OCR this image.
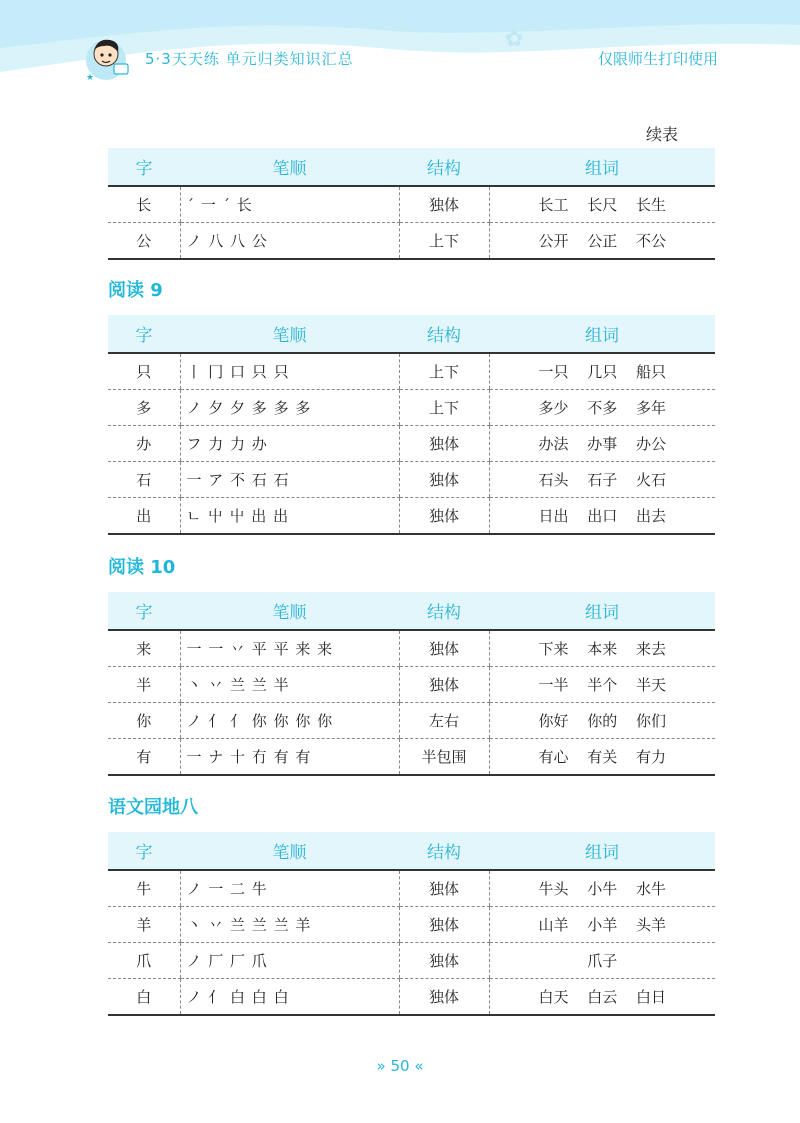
✿
★
5·3天天练 单元归类知识汇总	仅限师生打印使用
续表
字	笔顺	结构	组词
长	ˊ 一 ˊ 长	独体	长工 长尺 长生
公	ノ 八 八 公	上下	公开 公正 不公
阅读 9
字	笔顺	结构	组词
只	丨 冂 口 只 只	上下	一只 几只 船只
多	ノ 夕 夕 多 多 多	上下	多少 不多 多年
办	フ 力 力 办	独体	办法 办事 办公
石	一 ア 不 石 石	独体	石头 石子 火石
出	ㄴ 屮 屮 出 出	独体	日出 出口 出去
阅读 10
字	笔顺	结构	组词
来	一 一 丷 平 平 来 来	独体	下来 本来 来去
半	丶 丷 兰 兰 半	独体	一半 半个 半天
你	ノ 亻 亻 你 你 你 你	左右	你好 你的 你们
有	一 ナ 十 冇 有 有	半包围	有心 有关 有力
语文园地八
字	笔顺	结构	组词
牛	ノ 一 二 牛	独体	牛头 小牛 水牛
羊	丶 丷 兰 兰 兰 羊	独体	山羊 小羊 头羊
爪	ノ 厂 厂 爪	独体	爪子
白	ノ 亻 白 白 白	独体	白天 白云 白日
» 50 «
